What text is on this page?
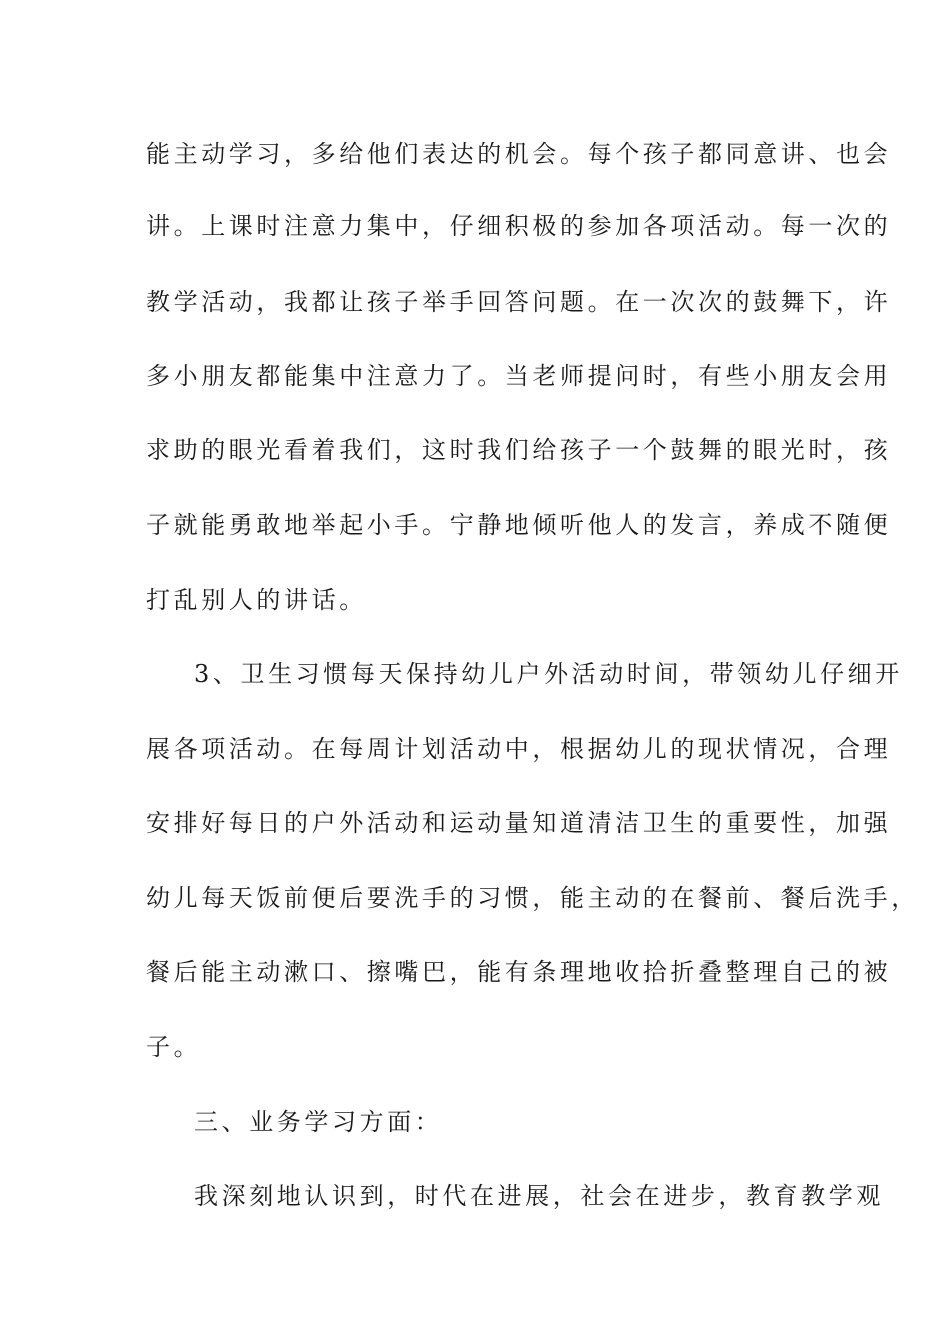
能主动学习，多给他们表达的机会。每个孩子都同意讲、也会
讲。上课时注意力集中，仔细积极的参加各项活动。每一次的
教学活动，我都让孩子举手回答问题。在一次次的鼓舞下，许
多小朋友都能集中注意力了。当老师提问时，有些小朋友会用
求助的眼光看着我们，这时我们给孩子一个鼓舞的眼光时，孩
子就能勇敢地举起小手。宁静地倾听他人的发言，养成不随便
打乱别人的讲话。
3、卫生习惯每天保持幼儿户外活动时间，带领幼儿仔细开
展各项活动。在每周计划活动中，根据幼儿的现状情况，合理
安排好每日的户外活动和运动量知道清洁卫生的重要性，加强
幼儿每天饭前便后要洗手的习惯，能主动的在餐前、餐后洗手，
餐后能主动漱口、擦嘴巴，能有条理地收拾折叠整理自己的被
子。
三、业务学习方面：
我深刻地认识到，时代在进展，社会在进步，教育教学观
